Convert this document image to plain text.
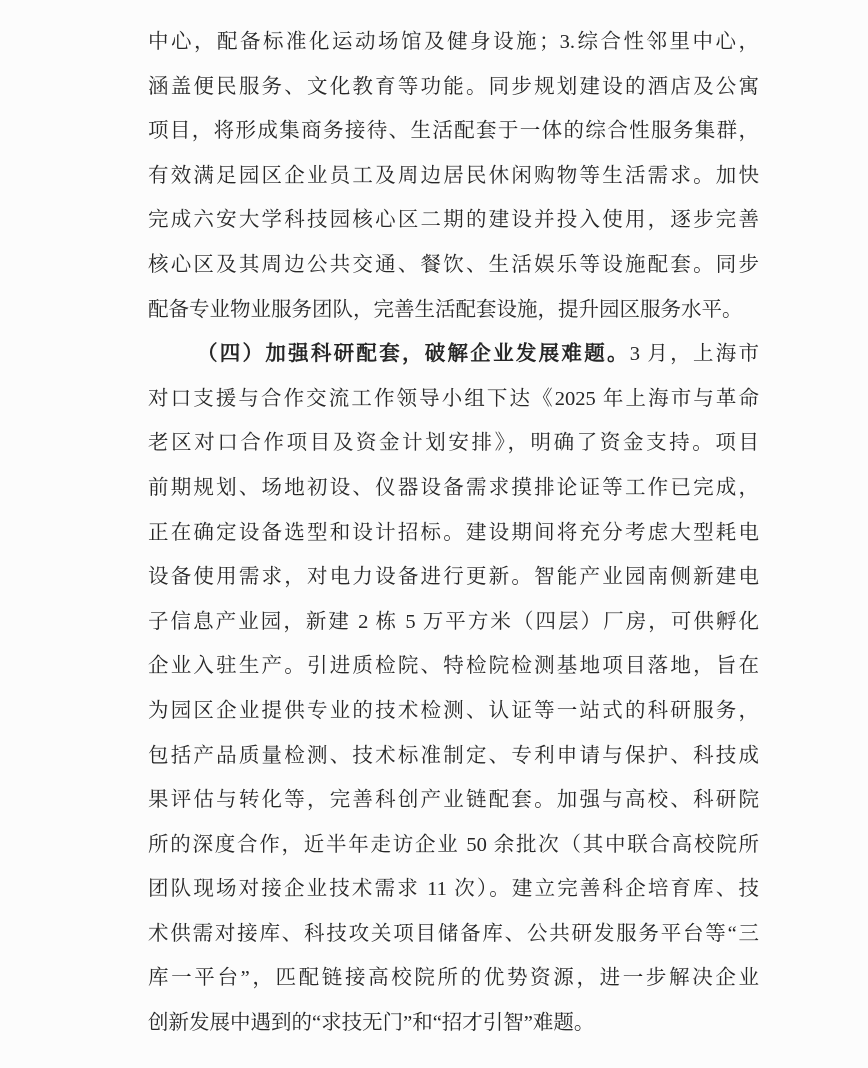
中心，配备标准化运动场馆及健身设施；3.综合性邻里中心，
涵盖便民服务、文化教育等功能。同步规划建设的酒店及公寓
项目，将形成集商务接待、生活配套于一体的综合性服务集群，
有效满足园区企业员工及周边居民休闲购物等生活需求。加快
完成六安大学科技园核心区二期的建设并投入使用，逐步完善
核心区及其周边公共交通、餐饮、生活娱乐等设施配套。同步
配备专业物业服务团队，完善生活配套设施，提升园区服务水平。
（四）加强科研配套，破解企业发展难题。3 月，上海市
对口支援与合作交流工作领导小组下达《2025 年上海市与革命
老区对口合作项目及资金计划安排》，明确了资金支持。项目
前期规划、场地初设、仪器设备需求摸排论证等工作已完成，
正在确定设备选型和设计招标。建设期间将充分考虑大型耗电
设备使用需求，对电力设备进行更新。智能产业园南侧新建电
子信息产业园，新建 2 栋 5 万平方米（四层）厂房，可供孵化
企业入驻生产。引进质检院、特检院检测基地项目落地，旨在
为园区企业提供专业的技术检测、认证等一站式的科研服务，
包括产品质量检测、技术标准制定、专利申请与保护、科技成
果评估与转化等，完善科创产业链配套。加强与高校、科研院
所的深度合作，近半年走访企业 50 余批次（其中联合高校院所
团队现场对接企业技术需求 11 次）。建立完善科企培育库、技
术供需对接库、科技攻关项目储备库、公共研发服务平台等“三
库一平台”，匹配链接高校院所的优势资源，进一步解决企业
创新发展中遇到的“求技无门”和“招才引智”难题。
